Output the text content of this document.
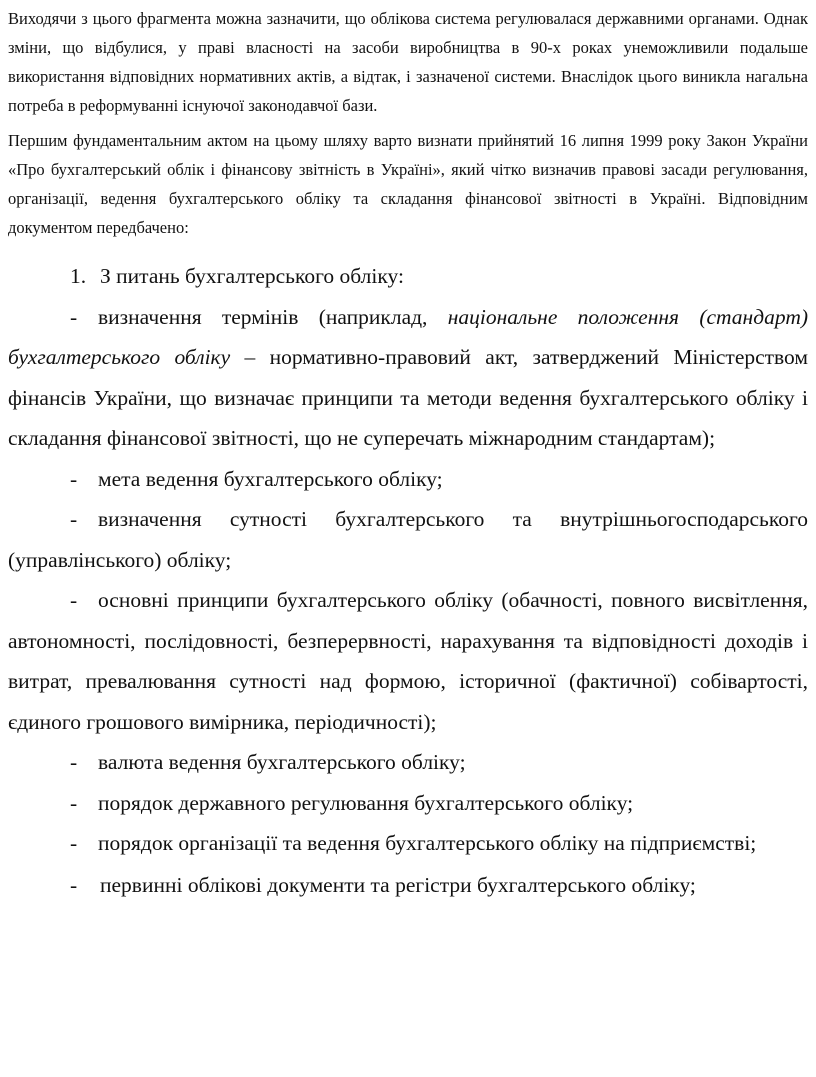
Виходячи з цього фрагмента можна зазначити, що облікова система регулювалася державними органами. Однак зміни, що відбулися, у праві власності на засоби виробництва в 90-х роках унеможливили подальше використання відповідних нормативних актів, а відтак, і зазначеної системи. Внаслідок цього виникла нагальна потреба в реформуванні існуючої законодавчої бази.

Першим фундаментальним актом на цьому шляху варто визнати прийнятий 16 липня 1999 року Закон України «Про бухгалтерський облік і фінансову звітність в Україні», який чітко визначив правові засади регулювання, організації, ведення бухгалтерського обліку та складання фінансової звітності в Україні. Відповідним документом передбачено:

1. З питань бухгалтерського обліку:

- визначення термінів (наприклад, національне положення (стандарт) бухгалтерського обліку – нормативно-правовий акт, затверджений Міністерством фінансів України, що визначає принципи та методи ведення бухгалтерського обліку і складання фінансової звітності, що не суперечать міжнародним стандартам);

- мета ведення бухгалтерського обліку;

- визначення сутності бухгалтерського та внутрішньогосподарського (управлінського) обліку;

- основні принципи бухгалтерського обліку (обачності, повного висвітлення, автономності, послідовності, безперервності, нарахування та відповідності доходів і витрат, превалювання сутності над формою, історичної (фактичної) собівартості, єдиного грошового вимірника, періодичності);

- валюта ведення бухгалтерського обліку;

- порядок державного регулювання бухгалтерського обліку;

- порядок організації та ведення бухгалтерського обліку на підприємстві;

- первинні облікові документи та регістри бухгалтерського обліку;
